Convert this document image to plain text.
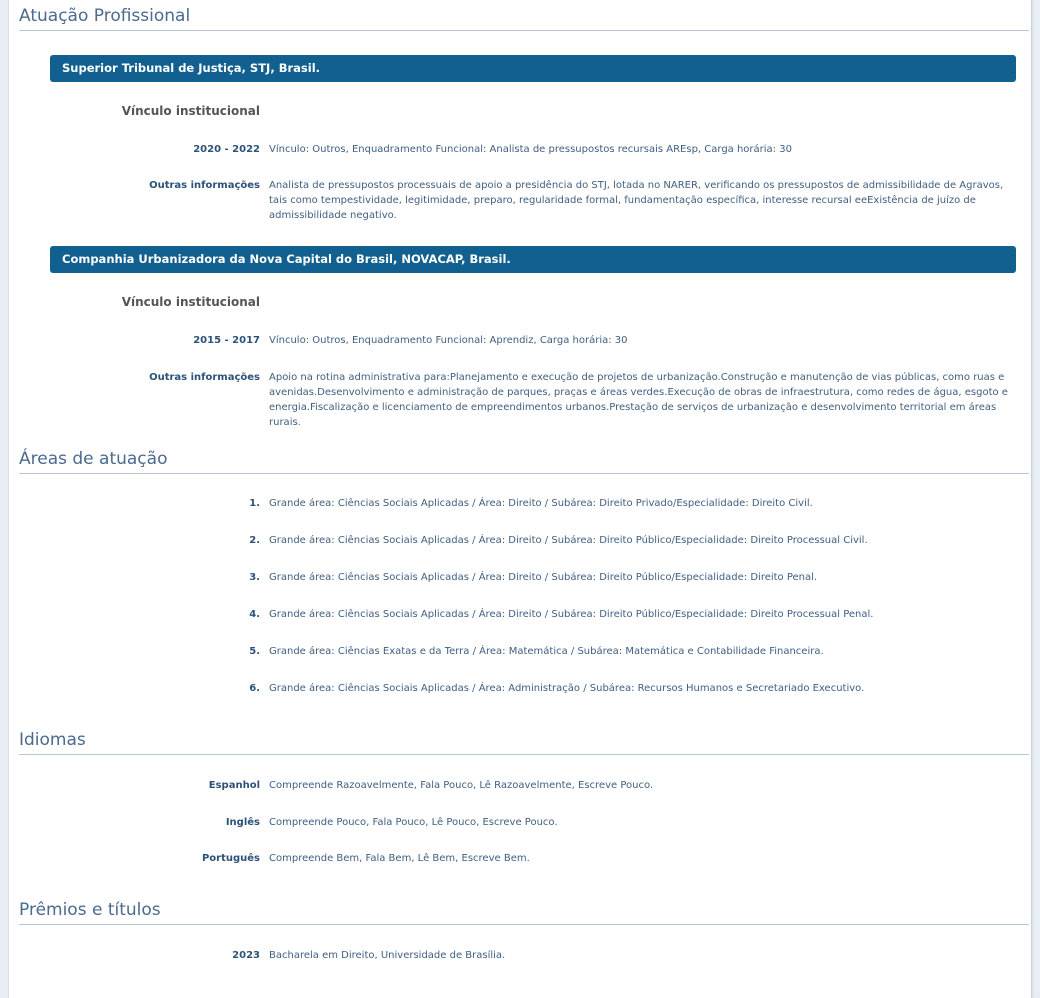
Atuação Profissional
Superior Tribunal de Justiça, STJ, Brasil.
Vínculo institucional
2020 - 2022 Vínculo: Outros, Enquadramento Funcional: Analista de pressupostos recursais AREsp, Carga horária: 30
Outras informações Analista de pressupostos processuais de apoio a presidência do STJ, lotada no NARER, verificando os pressupostos de admissibilidade de Agravos, tais como tempestividade, legitimidade, preparo, regularidade formal, fundamentação específica, interesse recursal eeExistência de juízo de admissibilidade negativo.
Companhia Urbanizadora da Nova Capital do Brasil, NOVACAP, Brasil.
Vínculo institucional
2015 - 2017 Vínculo: Outros, Enquadramento Funcional: Aprendiz, Carga horária: 30
Outras informações Apoio na rotina administrativa para:Planejamento e execução de projetos de urbanização.Construção e manutenção de vias públicas, como ruas e avenidas.Desenvolvimento e administração de parques, praças e áreas verdes.Execução de obras de infraestrutura, como redes de água, esgoto e energia.Fiscalização e licenciamento de empreendimentos urbanos.Prestação de serviços de urbanização e desenvolvimento territorial em áreas rurais.
Áreas de atuação
1. Grande área: Ciências Sociais Aplicadas / Área: Direito / Subárea: Direito Privado/Especialidade: Direito Civil.
2. Grande área: Ciências Sociais Aplicadas / Área: Direito / Subárea: Direito Público/Especialidade: Direito Processual Civil.
3. Grande área: Ciências Sociais Aplicadas / Área: Direito / Subárea: Direito Público/Especialidade: Direito Penal.
4. Grande área: Ciências Sociais Aplicadas / Área: Direito / Subárea: Direito Público/Especialidade: Direito Processual Penal.
5. Grande área: Ciências Exatas e da Terra / Área: Matemática / Subárea: Matemática e Contabilidade Financeira.
6. Grande área: Ciências Sociais Aplicadas / Área: Administração / Subárea: Recursos Humanos e Secretariado Executivo.
Idiomas
Espanhol Compreende Razoavelmente, Fala Pouco, Lê Razoavelmente, Escreve Pouco.
Inglês Compreende Pouco, Fala Pouco, Lê Pouco, Escreve Pouco.
Português Compreende Bem, Fala Bem, Lê Bem, Escreve Bem.
Prêmios e títulos
2023 Bacharela em Direito, Universidade de Brasília.
